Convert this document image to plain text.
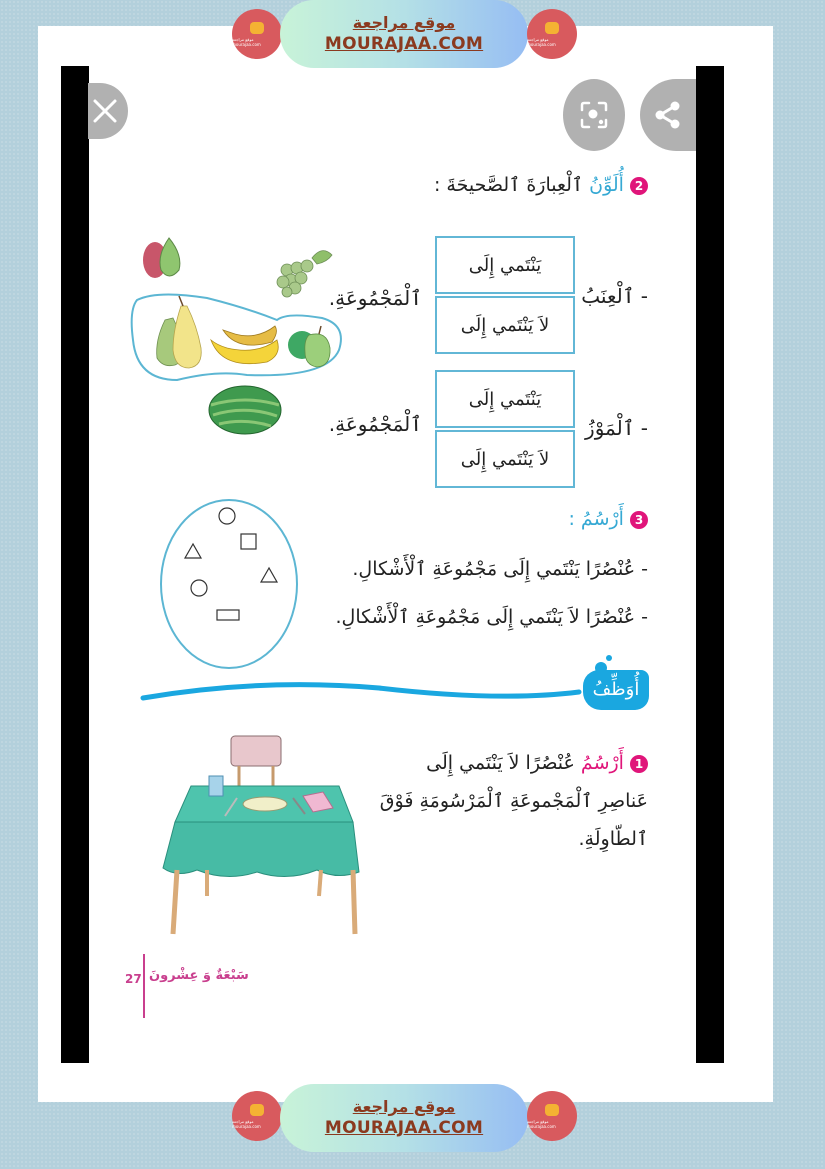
2 أُلَوِّنُ ٱلْعِبارَةَ ٱلصَّحيحَةَ :
- ٱلْعِنَبُ
يَنْتَمي إِلَى
لاَ يَنْتَمي إِلَى
ٱلْمَجْمُوعَةِ.
- ٱلْمَوْزُ
يَنْتَمي إِلَى
لاَ يَنْتَمي إِلَى
ٱلْمَجْمُوعَةِ.
3 أَرْسُمُ :
- عُنْصُرًا يَنْتَمي إِلَى مَجْمُوعَةِ ٱلْأَشْكالِ.
- عُنْصُرًا لاَ يَنْتَمي إِلَى مَجْمُوعَةِ ٱلْأَشْكالِ.
أُوَظِّفُ
1 أَرْسُمُ عُنْصُرًا لاَ يَنْتَمي إِلَى
عَناصِرِ ٱلْمَجْموعَةِ ٱلْمَرْسُومَةِ فَوْقَ
ٱلطّاوِلَةِ.
27 سَبْعَةٌ وَ عِشْرونَ
موقع مراجعة mourajaa.com
موقع مراجعة
MOURAJAA.COM	موقع مراجعة mourajaa.com
موقع مراجعة mourajaa.com
موقع مراجعة
MOURAJAA.COM	موقع مراجعة mourajaa.com
